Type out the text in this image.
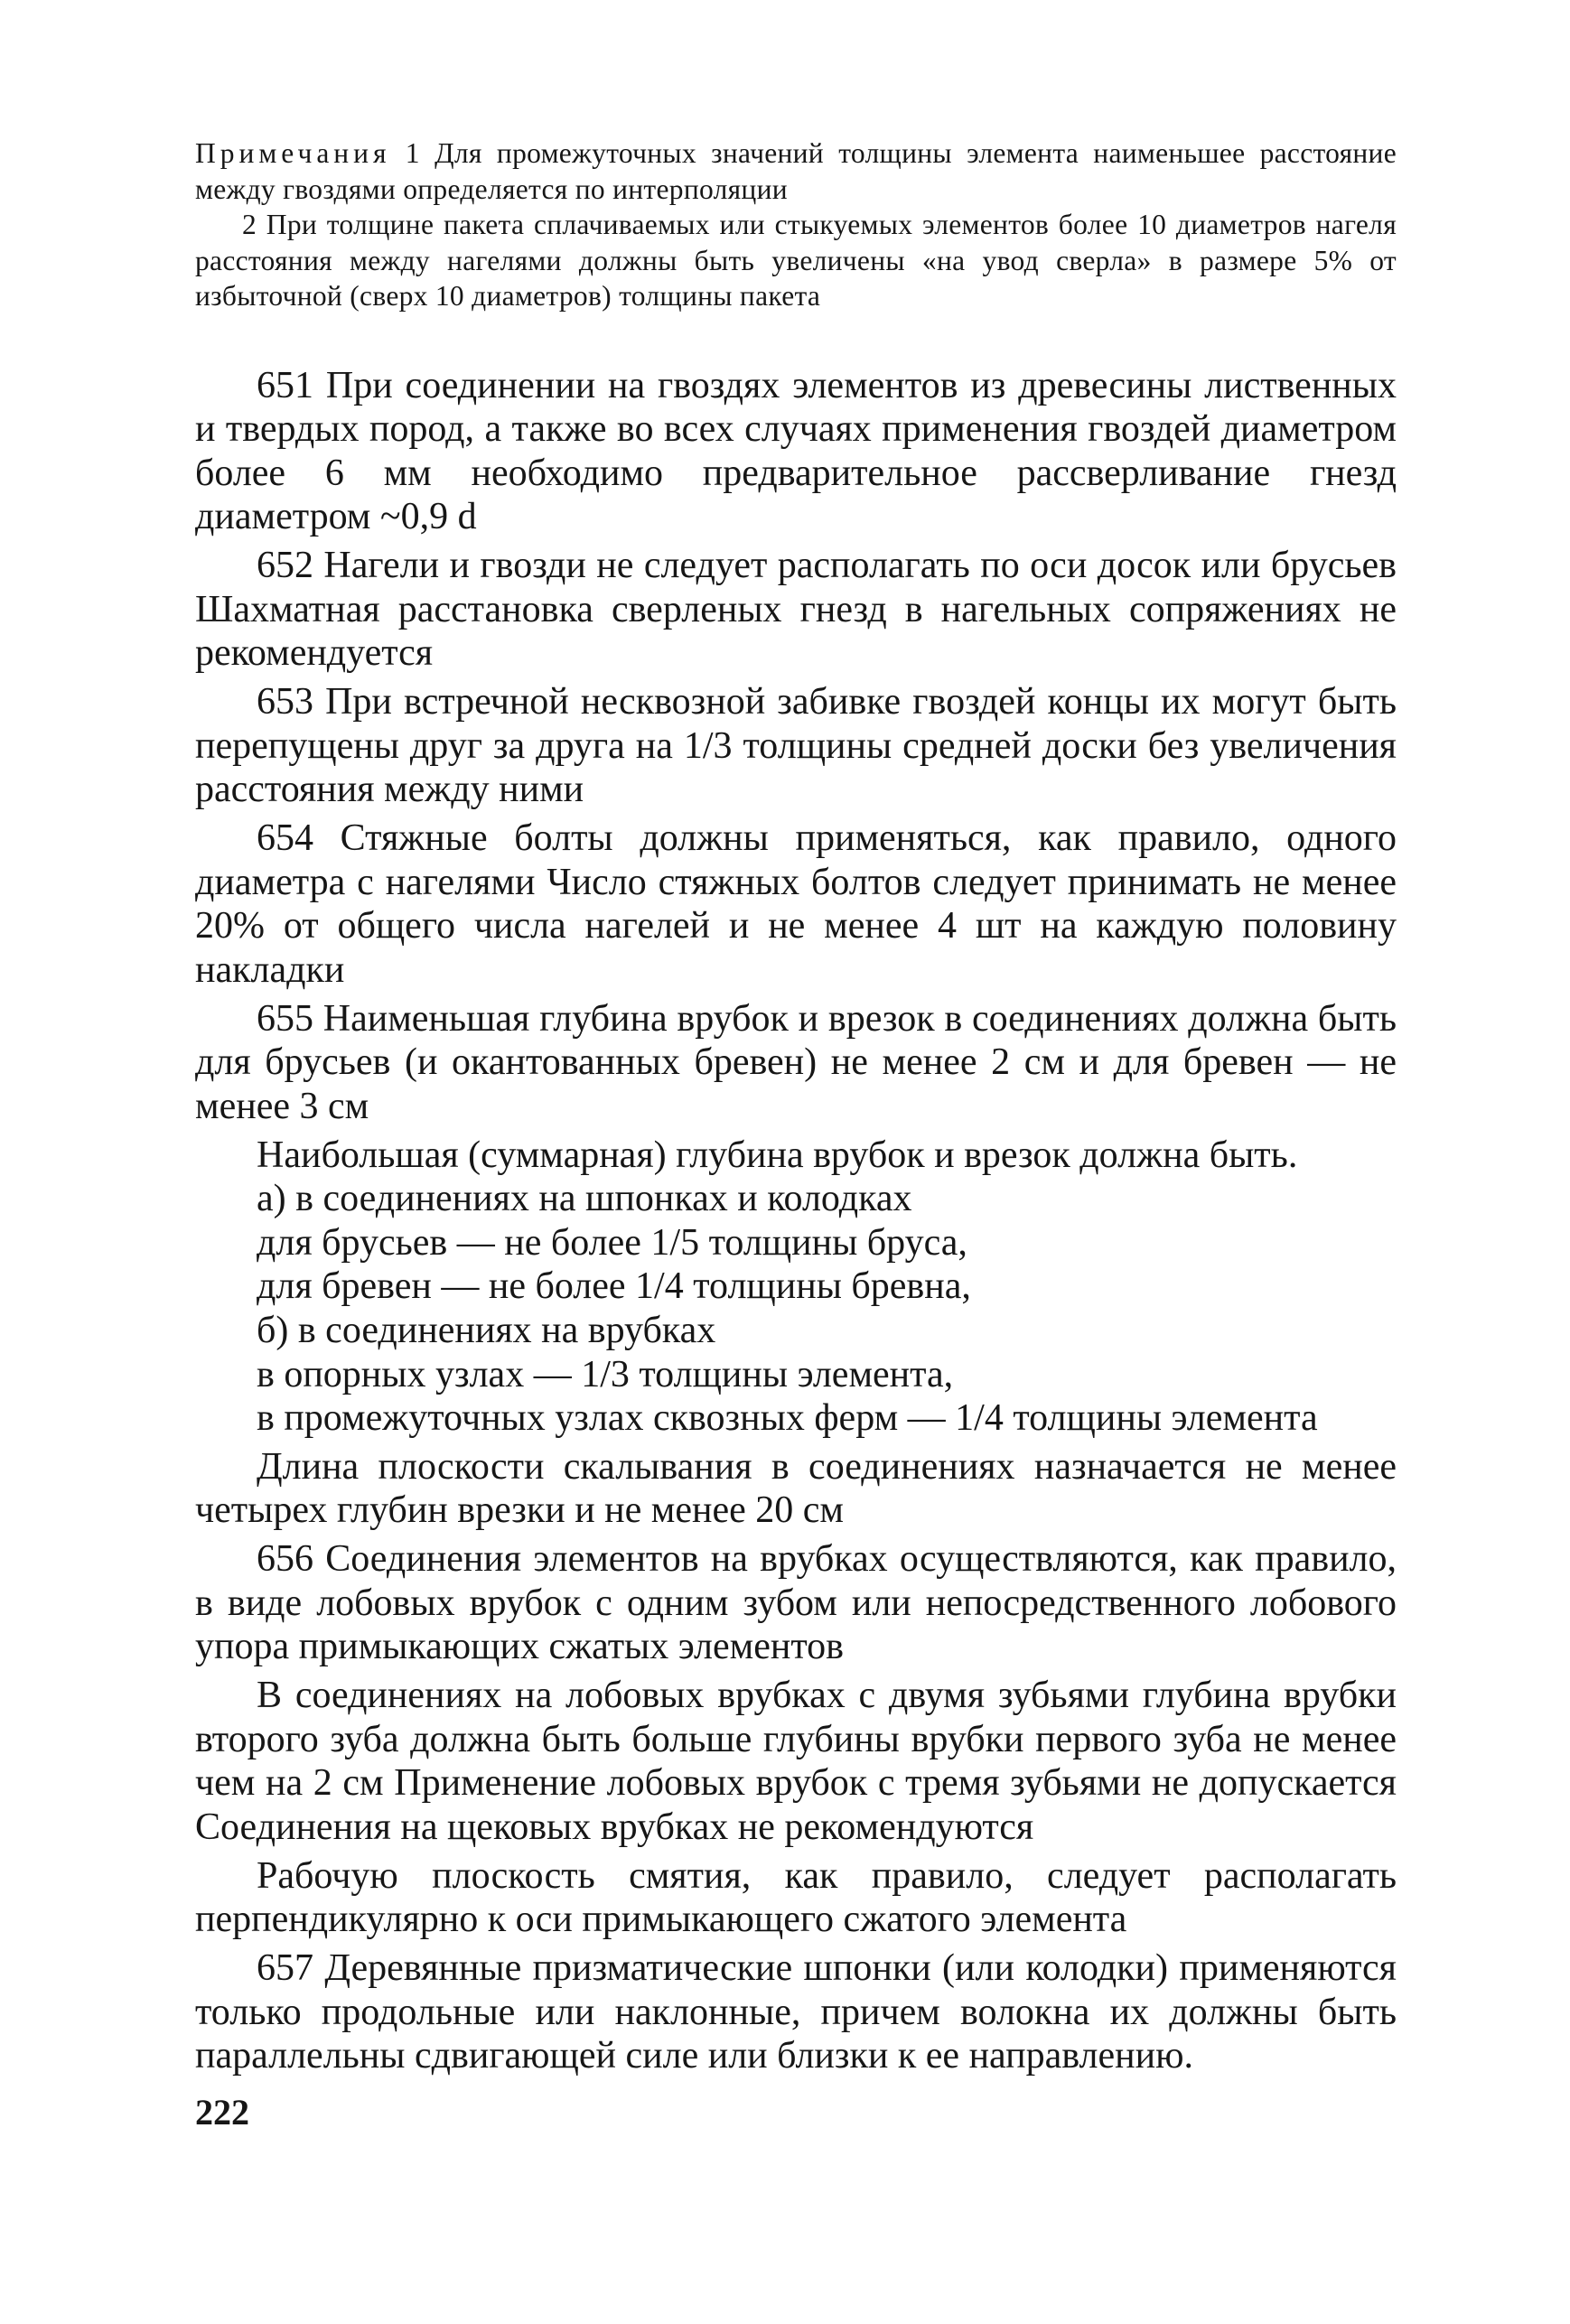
Примечания 1 Для промежуточных значений толщины элемента наименьшее расстояние между гвоздями определяется по интерполяции

2 При толщине пакета сплачиваемых или стыкуемых элементов более 10 диаметров нагеля расстояния между нагелями должны быть увеличены «на увод сверла» в размере 5% от избыточной (сверх 10 диаметров) толщины пакета

651 При соединении на гвоздях элементов из древесины лиственных и твердых пород, а также во всех случаях применения гвоздей диаметром более 6 мм необходимо предварительное рассверливание гнезд диаметром ~0,9 d

652 Нагели и гвозди не следует располагать по оси досок или брусьев Шахматная расстановка сверленых гнезд в нагельных сопряжениях не рекомендуется

653 При встречной несквозной забивке гвоздей концы их могут быть перепущены друг за друга на 1/3 толщины средней доски без увеличения расстояния между ними

654 Стяжные болты должны применяться, как правило, одного диаметра с нагелями Число стяжных болтов следует принимать не менее 20% от общего числа нагелей и не менее 4 шт на каждую половину накладки

655 Наименьшая глубина врубок и врезок в соединениях должна быть для брусьев (и окантованных бревен) не менее 2 см и для бревен — не менее 3 см

Наибольшая (суммарная) глубина врубок и врезок должна быть.

а) в соединениях на шпонках и колодках

для брусьев — не более 1/5 толщины бруса,

для бревен — не более 1/4 толщины бревна,

б) в соединениях на врубках

в опорных узлах — 1/3 толщины элемента,

в промежуточных узлах сквозных ферм — 1/4 толщины элемента

Длина плоскости скалывания в соединениях назначается не менее четырех глубин врезки и не менее 20 см

656 Соединения элементов на врубках осуществляются, как правило, в виде лобовых врубок с одним зубом или непосредственного лобового упора примыкающих сжатых элементов

В соединениях на лобовых врубках с двумя зубьями глубина врубки второго зуба должна быть больше глубины врубки первого зуба не менее чем на 2 см Применение лобовых врубок с тремя зубьями не допускается Соединения на щековых врубках не рекомендуются

Рабочую плоскость смятия, как правило, следует располагать перпендикулярно к оси примыкающего сжатого элемента

657 Деревянные призматические шпонки (или колодки) применяются только продольные или наклонные, причем волокна их должны быть параллельны сдвигающей силе или близки к ее направлению.

222
